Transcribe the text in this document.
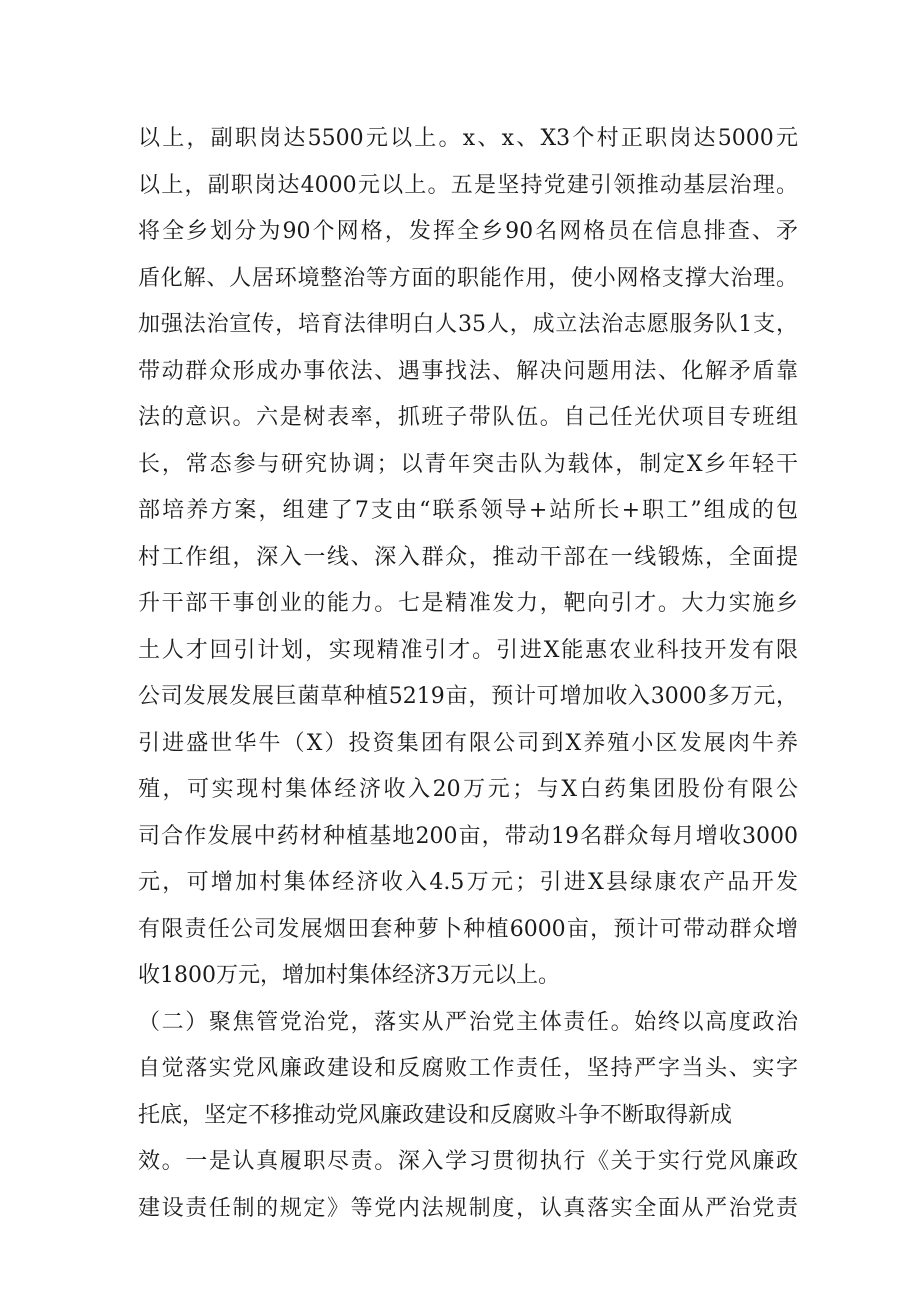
以上，副职岗达5500元以上。x、x、X3个村正职岗达5000元
以上，副职岗达4000元以上。五是坚持党建引领推动基层治理。
将全乡划分为90个网格，发挥全乡90名网格员在信息排查、矛
盾化解、人居环境整治等方面的职能作用，使小网格支撑大治理。
加强法治宣传，培育法律明白人35人，成立法治志愿服务队1支，
带动群众形成办事依法、遇事找法、解决问题用法、化解矛盾靠
法的意识。六是树表率，抓班子带队伍。自己任光伏项目专班组
长，常态参与研究协调；以青年突击队为载体，制定X乡年轻干
部培养方案，组建了7支由“联系领导+站所长+职工”组成的包
村工作组，深入一线、深入群众，推动干部在一线锻炼，全面提
升干部干事创业的能力。七是精准发力，靶向引才。大力实施乡
土人才回引计划，实现精准引才。引进X能惠农业科技开发有限
公司发展发展巨菌草种植5219亩，预计可增加收入3000多万元，
引进盛世华牛（X）投资集团有限公司到X养殖小区发展肉牛养
殖，可实现村集体经济收入20万元；与X白药集团股份有限公
司合作发展中药材种植基地200亩，带动19名群众每月增收3000
元，可增加村集体经济收入4.5万元；引进X县绿康农产品开发
有限责任公司发展烟田套种萝卜种植6000亩，预计可带动群众增
收1800万元，增加村集体经济3万元以上。
（二）聚焦管党治党，落实从严治党主体责任。始终以高度政治
自觉落实党风廉政建设和反腐败工作责任，坚持严字当头、实字
托底，坚定不移推动党风廉政建设和反腐败斗争不断取得新成
效。一是认真履职尽责。深入学习贯彻执行《关于实行党风廉政
建设责任制的规定》等党内法规制度，认真落实全面从严治党责
